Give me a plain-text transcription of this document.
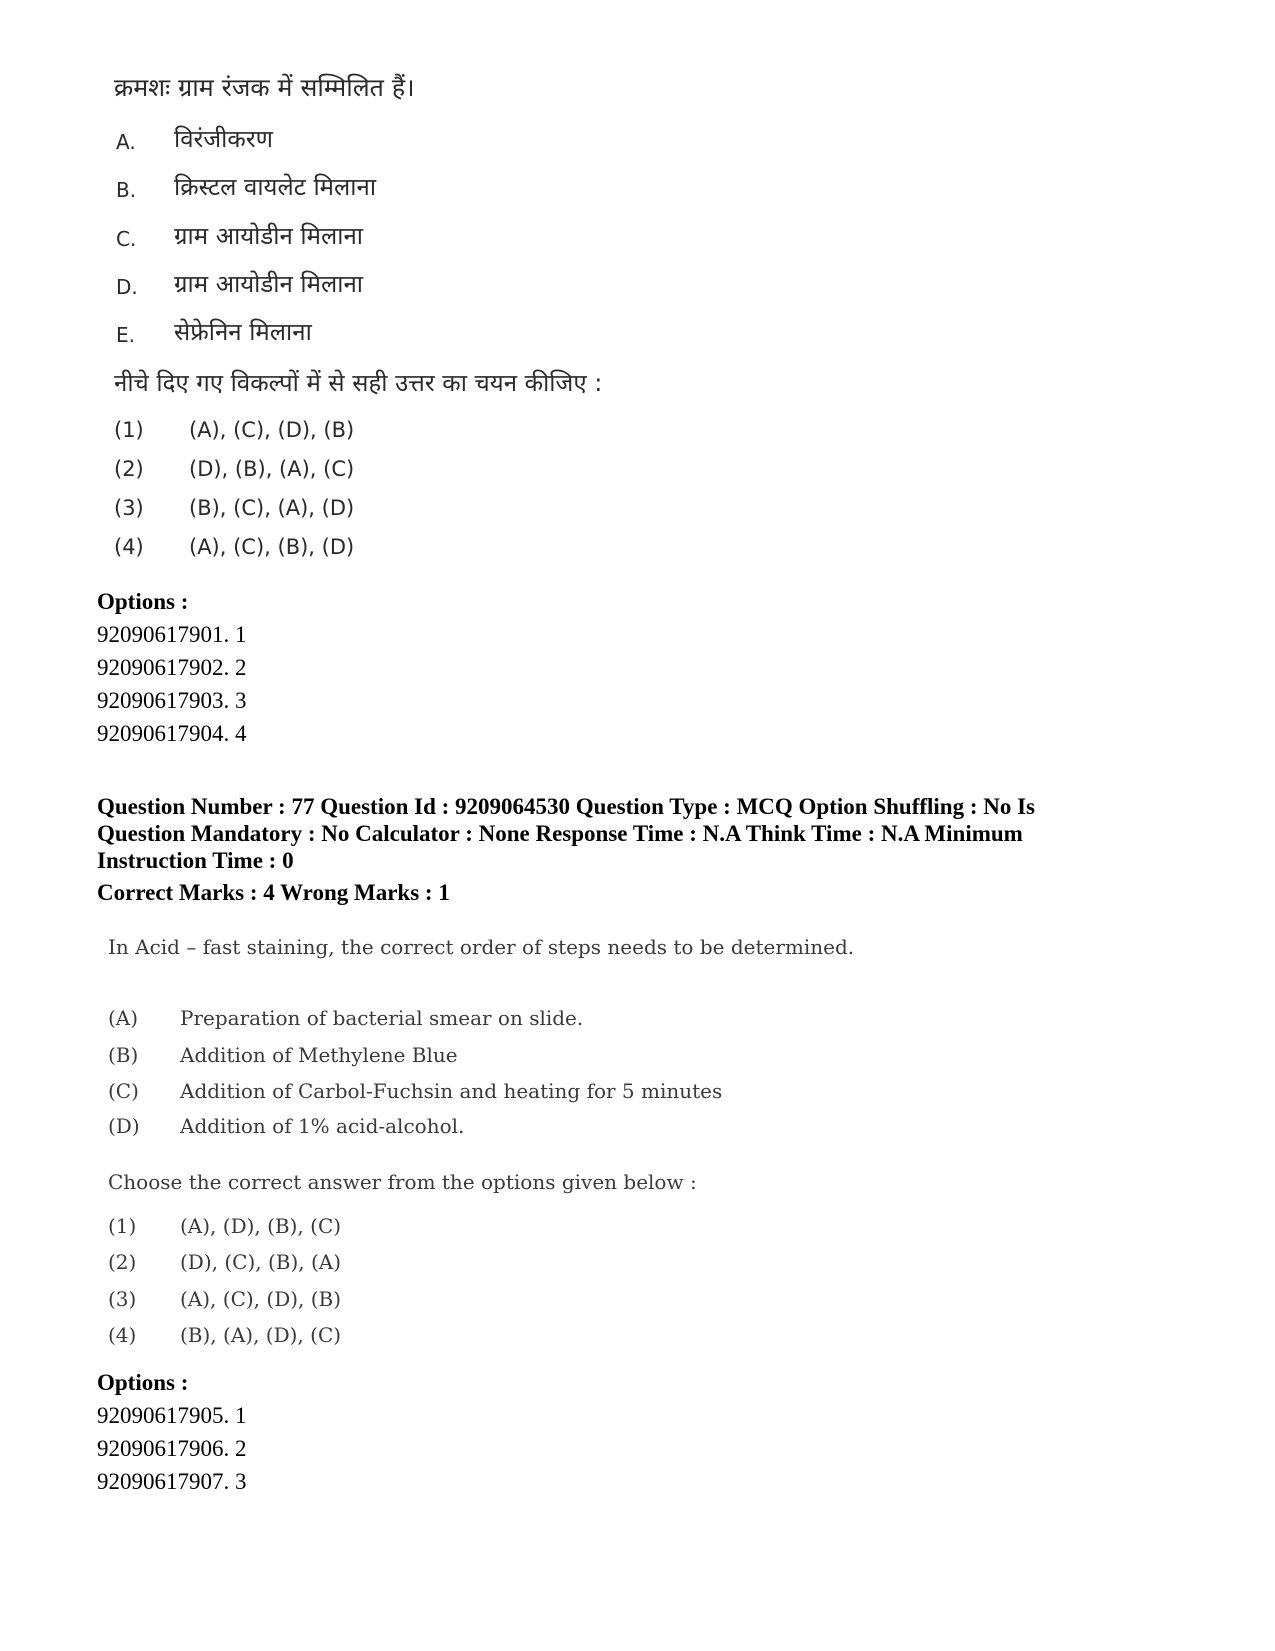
क्रमशः ग्राम रंजक में सम्मिलित हैं।
A. विरंजीकरण
B. क्रिस्टल वायलेट मिलाना
C. ग्राम आयोडीन मिलाना
D. ग्राम आयोडीन मिलाना
E. सेफ्रेनिन मिलाना
नीचे दिए गए विकल्पों में से सही उत्तर का चयन कीजिए :
(1) (A), (C), (D), (B)
(2) (D), (B), (A), (C)
(3) (B), (C), (A), (D)
(4) (A), (C), (B), (D)
Options :
92090617901. 1
92090617902. 2
92090617903. 3
92090617904. 4
Question Number : 77 Question Id : 9209064530 Question Type : MCQ Option Shuffling : No Is
Question Mandatory : No Calculator : None Response Time : N.A Think Time : N.A Minimum
Instruction Time : 0
Correct Marks : 4 Wrong Marks : 1
In Acid – fast staining, the correct order of steps needs to be determined.
(A) Preparation of bacterial smear on slide.
(B) Addition of Methylene Blue
(C) Addition of Carbol-Fuchsin and heating for 5 minutes
(D) Addition of 1% acid-alcohol.
Choose the correct answer from the options given below :
(1) (A), (D), (B), (C)
(2) (D), (C), (B), (A)
(3) (A), (C), (D), (B)
(4) (B), (A), (D), (C)
Options :
92090617905. 1
92090617906. 2
92090617907. 3
